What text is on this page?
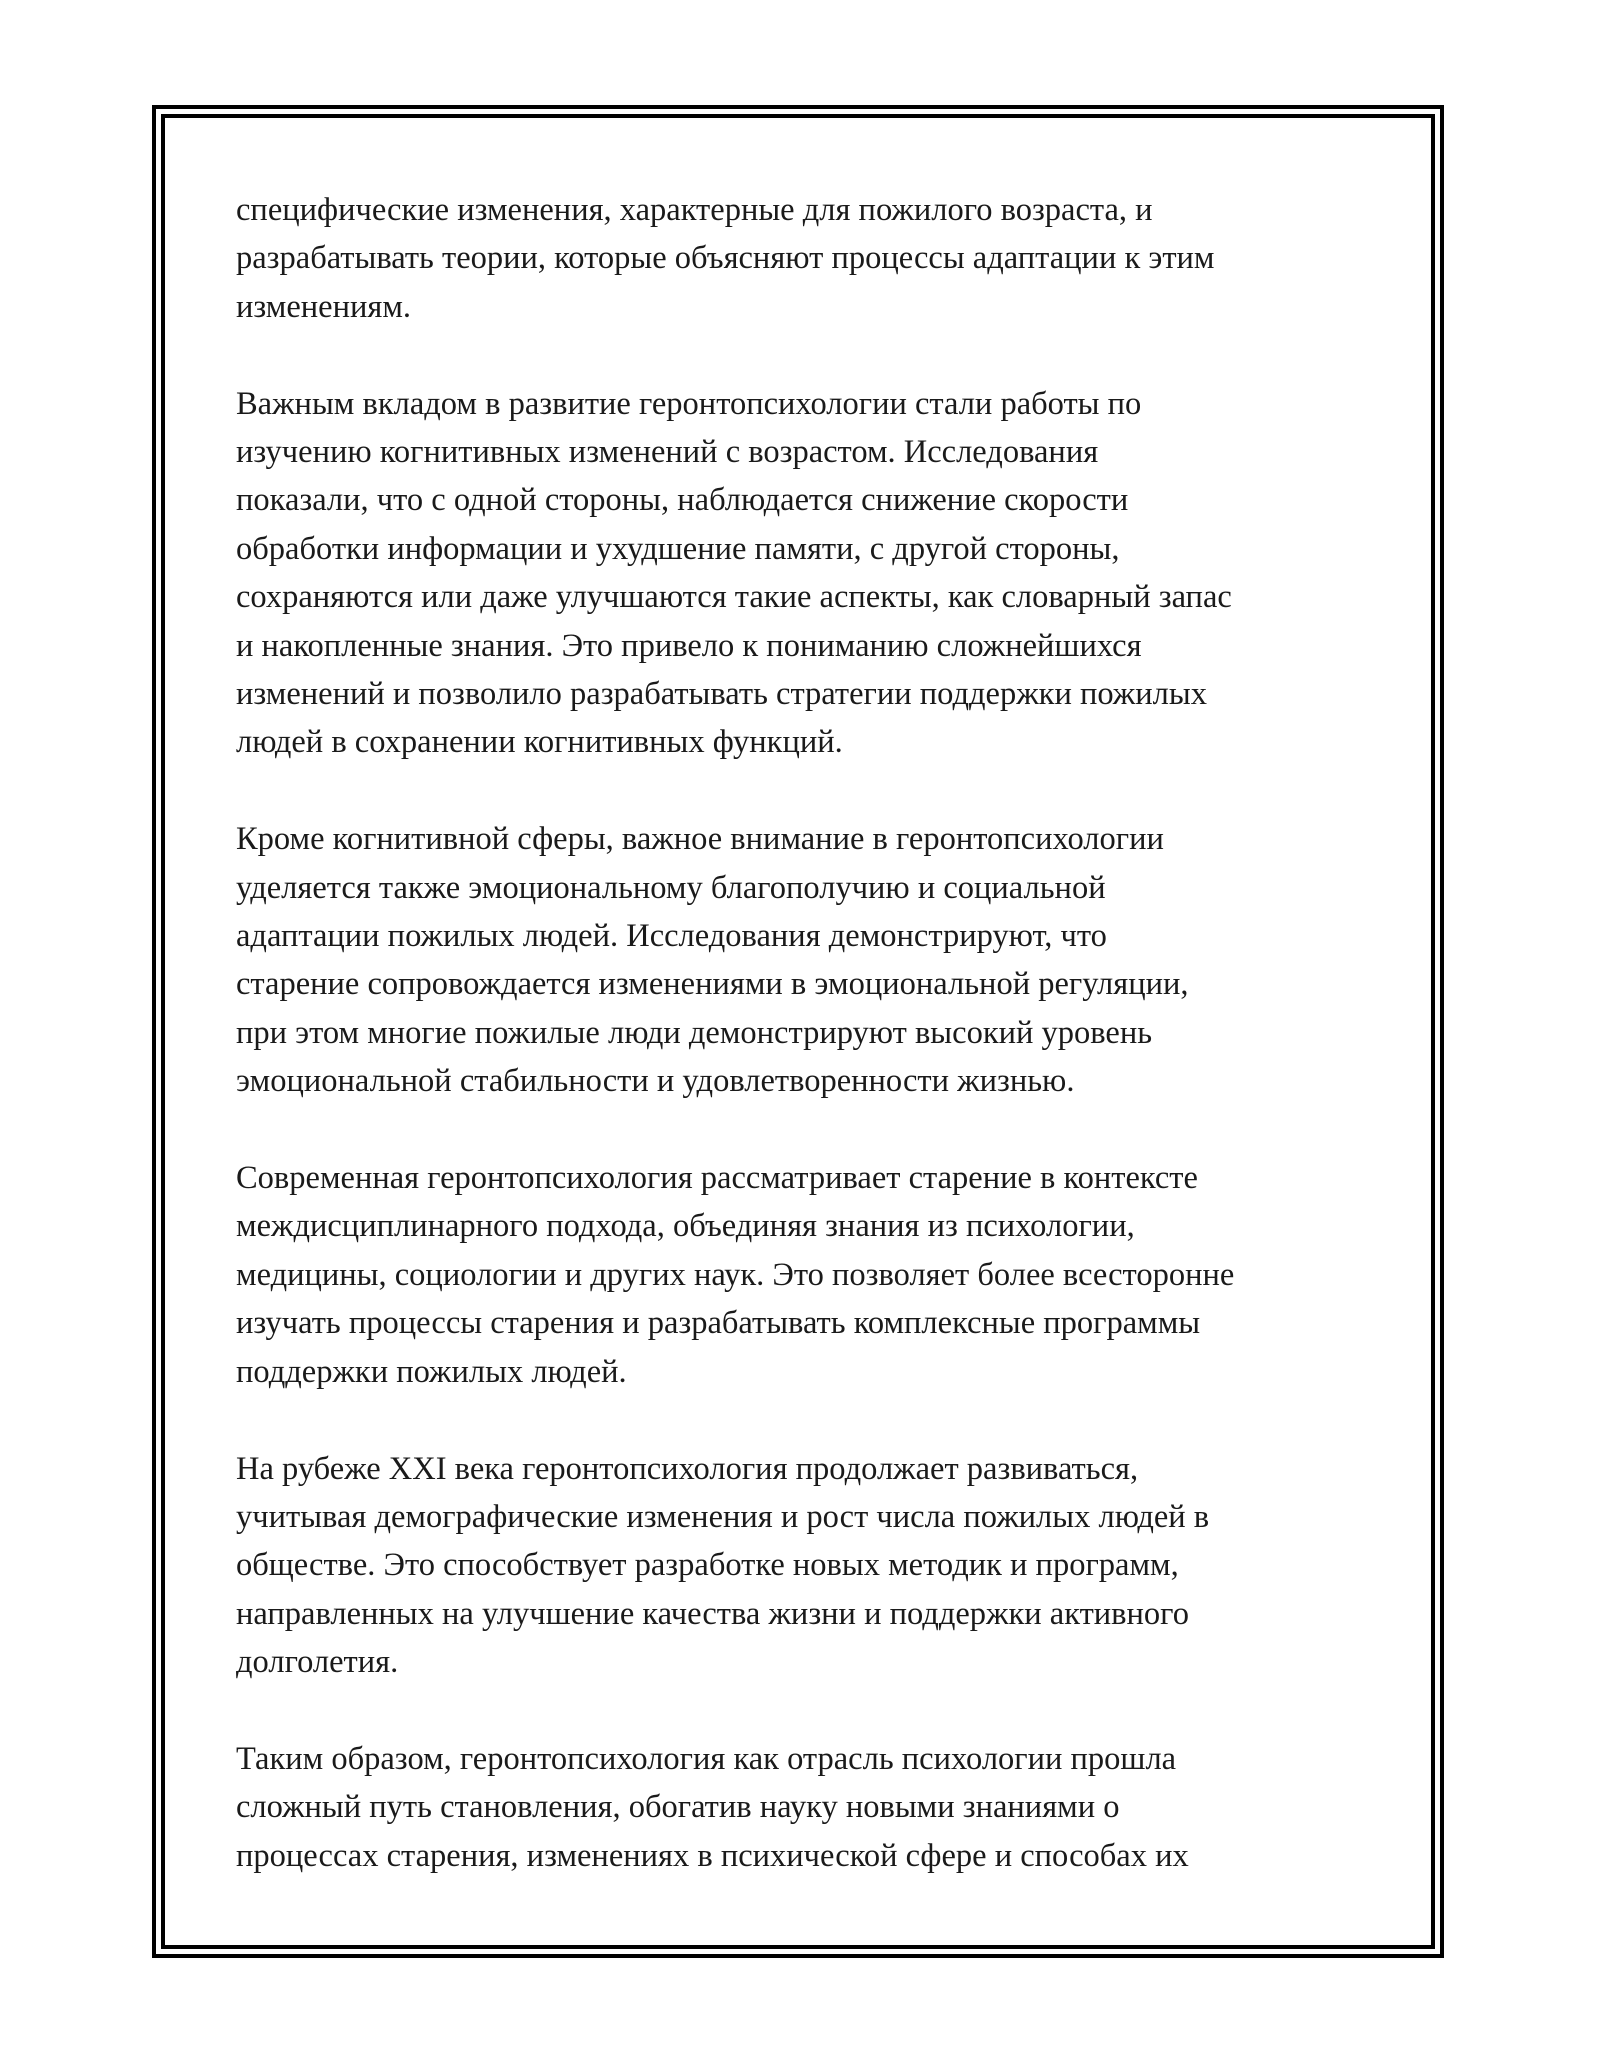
специфические изменения, характерные для пожилого возраста, и
разрабатывать теории, которые объясняют процессы адаптации к этим
изменениям.

Важным вкладом в развитие геронтопсихологии стали работы по
изучению когнитивных изменений с возрастом. Исследования
показали, что с одной стороны, наблюдается снижение скорости
обработки информации и ухудшение памяти, с другой стороны,
сохраняются или даже улучшаются такие аспекты, как словарный запас
и накопленные знания. Это привело к пониманию сложнейшихся
изменений и позволило разрабатывать стратегии поддержки пожилых
людей в сохранении когнитивных функций.

Кроме когнитивной сферы, важное внимание в геронтопсихологии
уделяется также эмоциональному благополучию и социальной
адаптации пожилых людей. Исследования демонстрируют, что
старение сопровождается изменениями в эмоциональной регуляции,
при этом многие пожилые люди демонстрируют высокий уровень
эмоциональной стабильности и удовлетворенности жизнью.

Современная геронтопсихология рассматривает старение в контексте
междисциплинарного подхода, объединяя знания из психологии,
медицины, социологии и других наук. Это позволяет более всесторонне
изучать процессы старения и разрабатывать комплексные программы
поддержки пожилых людей.

На рубеже XXI века геронтопсихология продолжает развиваться,
учитывая демографические изменения и рост числа пожилых людей в
обществе. Это способствует разработке новых методик и программ,
направленных на улучшение качества жизни и поддержки активного
долголетия.

Таким образом, геронтопсихология как отрасль психологии прошла
сложный путь становления, обогатив науку новыми знаниями о
процессах старения, изменениях в психической сфере и способах их
